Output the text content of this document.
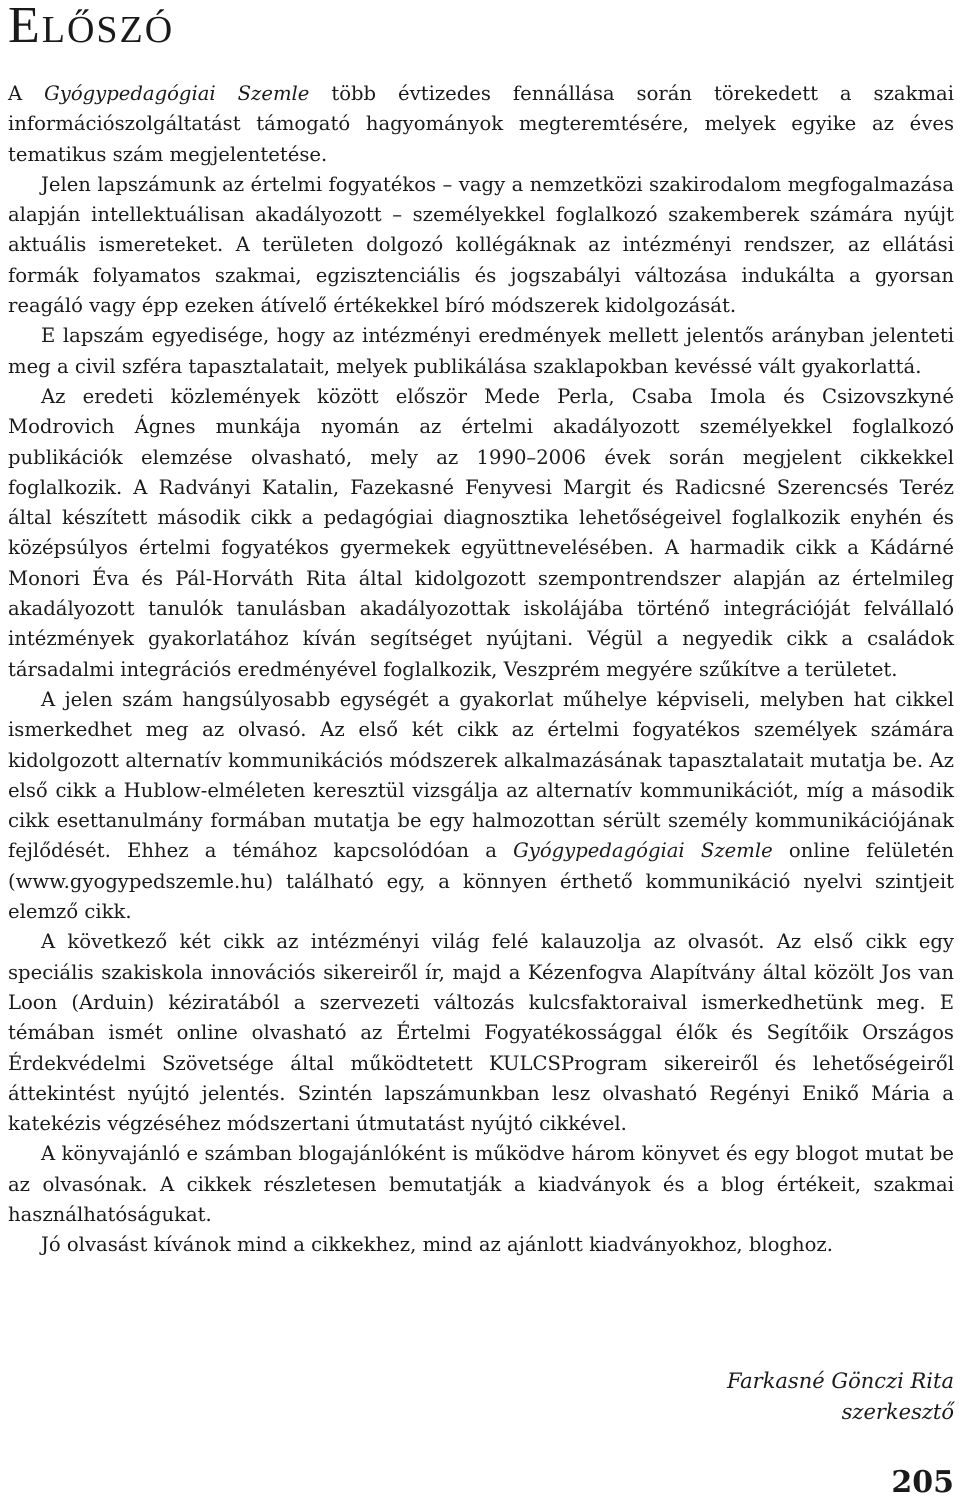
ELŐSZÓ

A Gyógypedagógiai Szemle több évtizedes fennállása során törekedett a szakmai információszolgáltatást támogató hagyományok megteremtésére, melyek egyike az éves tematikus szám megjelentetése.

Jelen lapszámunk az értelmi fogyatékos – vagy a nemzetközi szakirodalom megfogalmazása alapján intellektuálisan akadályozott – személyekkel foglalkozó szakemberek számára nyújt aktuális ismereteket. A területen dolgozó kollégáknak az intézményi rendszer, az ellátási formák folyamatos szakmai, egzisztenciális és jogszabályi változása indukálta a gyorsan reagáló vagy épp ezeken átívelő értékekkel bíró módszerek kidolgozását.

E lapszám egyedisége, hogy az intézményi eredmények mellett jelentős arányban jelenteti meg a civil szféra tapasztalatait, melyek publikálása szaklapokban kevéssé vált gyakorlattá.

Az eredeti közlemények között először Mede Perla, Csaba Imola és Csizovszkyné Modrovich Ágnes munkája nyomán az értelmi akadályozott személyekkel foglalkozó publikációk elemzése olvasható, mely az 1990–2006 évek során megjelent cikkekkel foglalkozik. A Radványi Katalin, Fazekasné Fenyvesi Margit és Radicsné Szerencsés Teréz által készített második cikk a pedagógiai diagnosztika lehetőségeivel foglalkozik enyhén és középsúlyos értelmi fogyatékos gyermekek együttnevelésében. A harmadik cikk a Kádárné Monori Éva és Pál-Horváth Rita által kidolgozott szempontrendszer alapján az értelmileg akadályozott tanulók tanulásban akadályozottak iskolájába történő integrációját felvállaló intézmények gyakorlatához kíván segítséget nyújtani. Végül a negyedik cikk a családok társadalmi integrációs eredményével foglalkozik, Veszprém megyére szűkítve a területet.

A jelen szám hangsúlyosabb egységét a gyakorlat műhelye képviseli, melyben hat cikkel ismerkedhet meg az olvasó. Az első két cikk az értelmi fogyatékos személyek számára kidolgozott alternatív kommunikációs módszerek alkalmazásának tapasztalatait mutatja be. Az első cikk a Hublow-elméleten keresztül vizsgálja az alternatív kommunikációt, míg a második cikk esettanulmány formában mutatja be egy halmozottan sérült személy kommunikációjának fejlődését. Ehhez a témához kapcsolódóan a Gyógypedagógiai Szemle online felületén (www.gyogypedszemle.hu) található egy, a könnyen érthető kommunikáció nyelvi szintjeit elemző cikk.

A következő két cikk az intézményi világ felé kalauzolja az olvasót. Az első cikk egy speciális szakiskola innovációs sikereiről ír, majd a Kézenfogva Alapítvány által közölt Jos van Loon (Arduin) kéziratából a szervezeti változás kulcsfaktoraival ismerkedhetünk meg. E témában ismét online olvasható az Értelmi Fogyatékossággal élők és Segítőik Országos Érdekvédelmi Szövetsége által működtetett KULCSProgram sikereiről és lehetőségeiről áttekintést nyújtó jelentés. Szintén lapszámunkban lesz olvasható Regényi Enikő Mária a katekézis végzéséhez módszertani útmutatást nyújtó cikkével.

A könyvajánló e számban blogajánlóként is működve három könyvet és egy blogot mutat be az olvasónak. A cikkek részletesen bemutatják a kiadványok és a blog értékeit, szakmai használhatóságukat.

Jó olvasást kívánok mind a cikkekhez, mind az ajánlott kiadványokhoz, bloghoz.

Farkasné Gönczi Rita
szerkesztő
205
